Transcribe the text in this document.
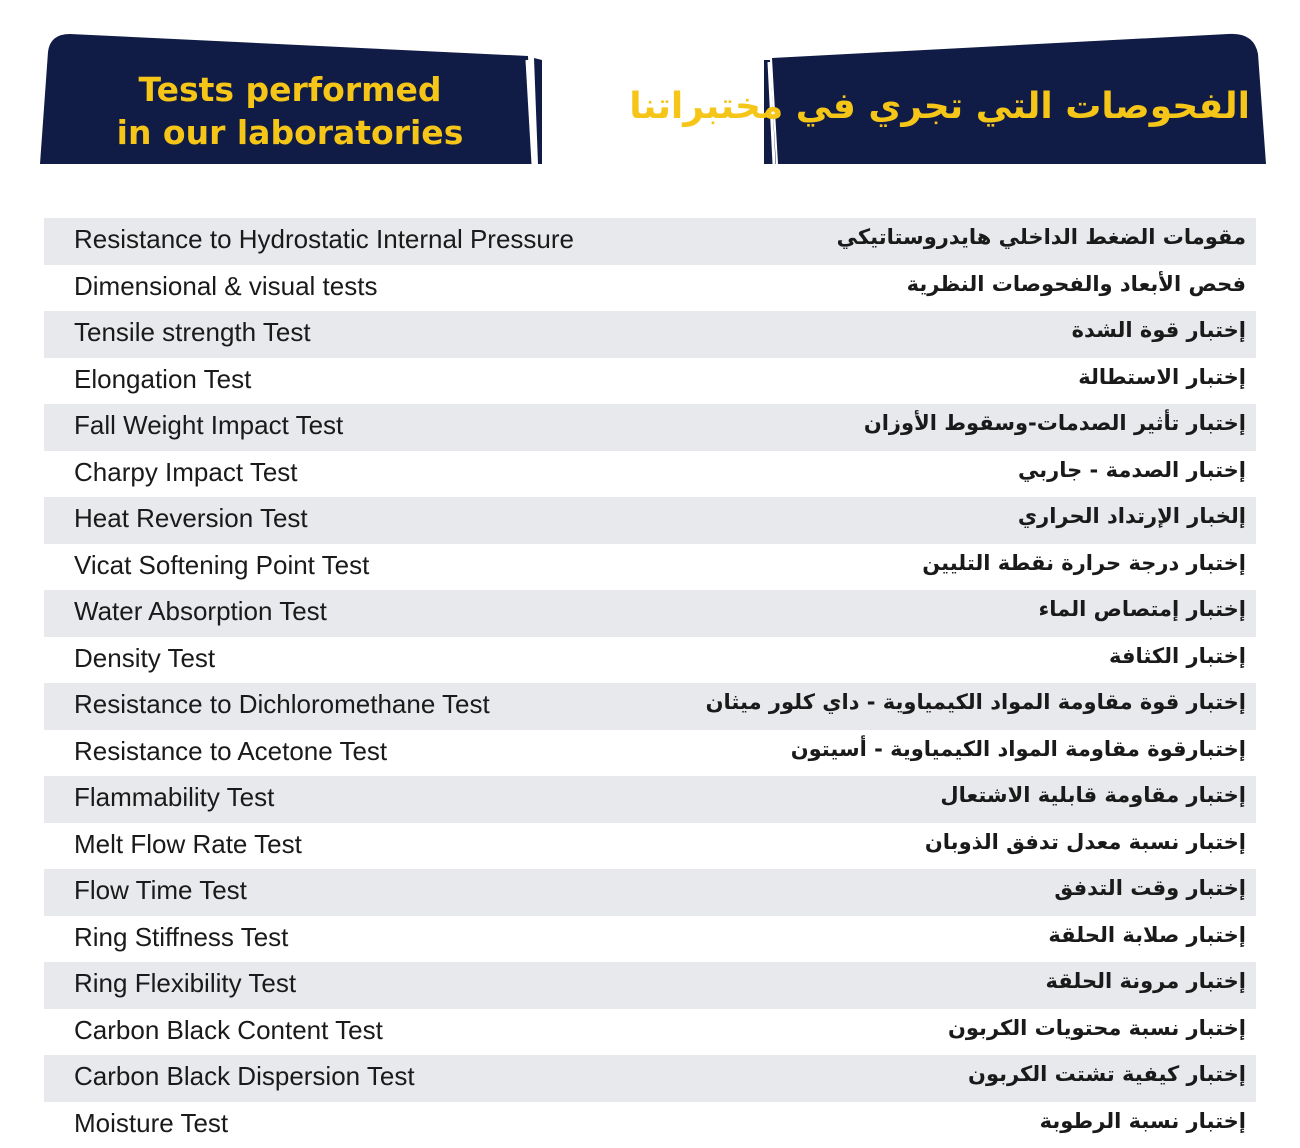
Tests performed
in our laboratories
الفحوصات التي تجري في مختبراتنا
Resistance to Hydrostatic Internal Pressure	مقومات الضغط الداخلي هايدروستاتيكي
Dimensional & visual tests	فحص الأبعاد والفحوصات النظرية
Tensile strength Test	إختبار قوة الشدة
Elongation Test	إختبار الاستطالة
Fall Weight Impact Test	إختبار تأثير الصدمات-وسقوط الأوزان
Charpy Impact Test	إختبار الصدمة - جاربي
Heat Reversion Test	إلخبار الإرتداد الحراري
Vicat Softening Point Test	إختبار درجة حرارة نقطة التليين
Water Absorption Test	إختبار إمتصاص الماء
Density Test	إختبار الكثافة
Resistance to Dichloromethane Test	إختبار قوة مقاومة المواد الكيمياوية - داي كلور ميثان
Resistance to Acetone Test	إختبارقوة مقاومة المواد الكيمياوية - أسيتون
Flammability Test	إختبار مقاومة قابلية الاشتعال
Melt Flow Rate Test	إختبار نسبة معدل تدفق الذوبان
Flow Time Test	إختبار وقت التدفق
Ring Stiffness Test	إختبار صلابة الحلقة
Ring Flexibility Test	إختبار مرونة الحلقة
Carbon Black Content Test	إختبار نسبة محتويات الكربون
Carbon Black Dispersion Test	إختبار كيفية تشتت الكربون
Moisture Test	إختبار نسبة الرطوبة
